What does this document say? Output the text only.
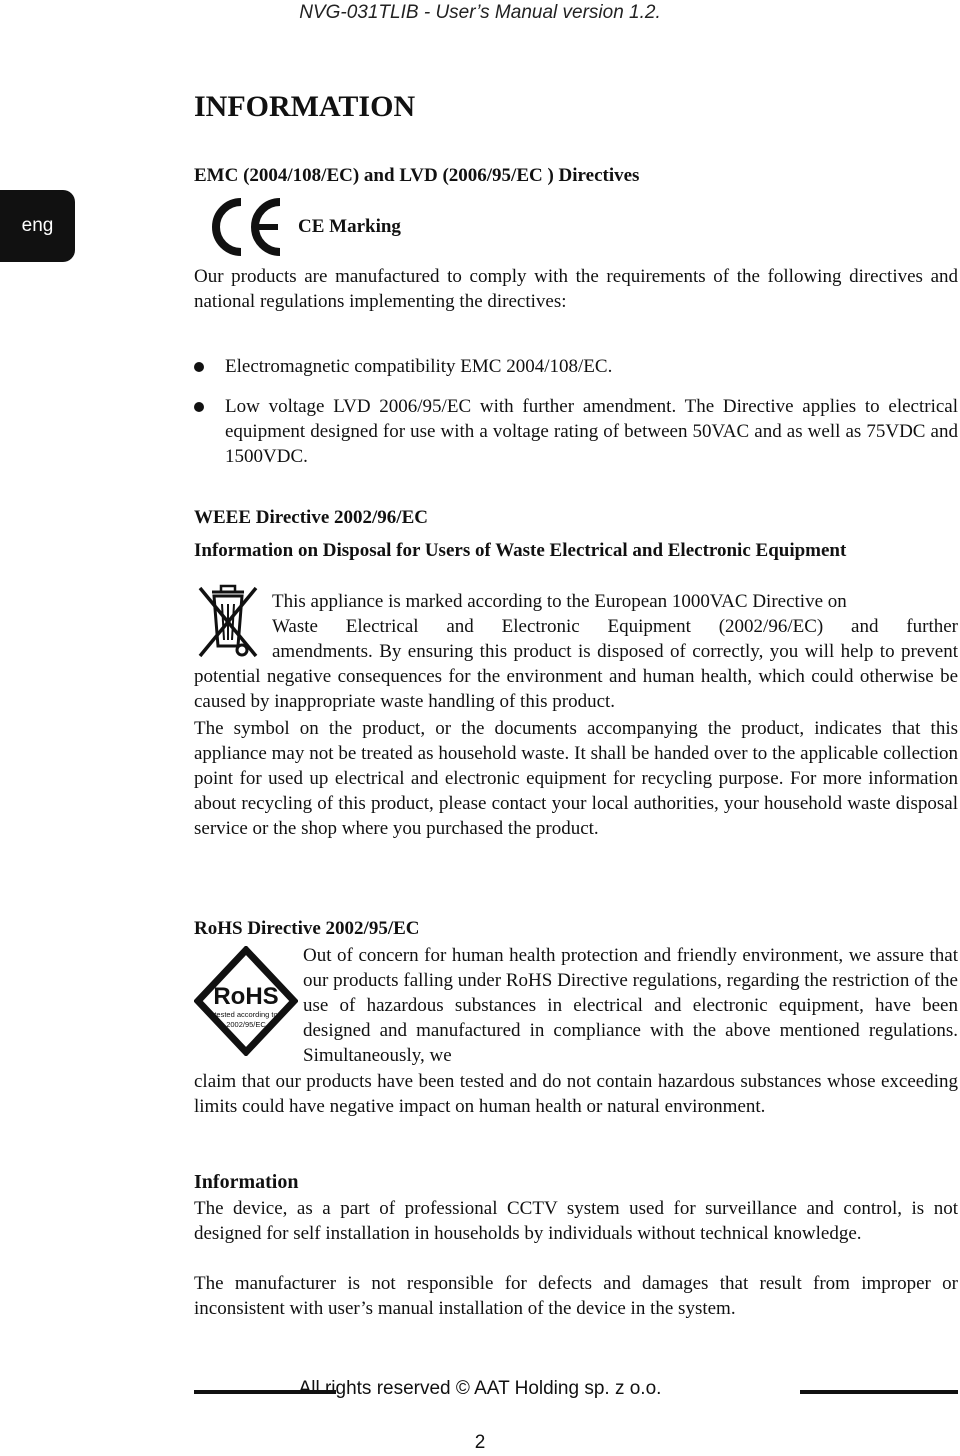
NVG-031TLIB - User’s Manual version 1.2.
eng
INFORMATION
EMC (2004/108/EC) and LVD (2006/95/EC ) Directives
CE Marking
Our products are manufactured to comply with the requirements of the following directives and national regulations implementing the directives:
Electromagnetic compatibility EMC 2004/108/EC.
Low voltage LVD 2006/95/EC with further amendment. The Directive applies to electrical equipment designed for use with a voltage rating of between 50VAC and as well as 75VDC and 1500VDC.
WEEE Directive 2002/96/EC
Information on Disposal for Users of Waste Electrical and Electronic Equipment
This appliance is marked according to the European 1000VAC Directive on
Waste Electrical and Electronic Equipment (2002/96/EC) and further
amendments. By ensuring this product is disposed of correctly, you will help to prevent potential negative consequences for the environment and human health, which could otherwise be caused by inappropriate waste handling of this product.
The symbol on the product, or the documents accompanying the product, indicates that this appliance may not be treated as household waste. It shall be handed over to the applicable collection point for used up electrical and electronic equipment for recycling purpose. For more information about recycling of this product, please contact your local authorities, your household waste disposal service or the shop where you purchased the product.
RoHS Directive 2002/95/EC
RoHS
tested according to
2002/95/EC
Out of concern for human health protection and friendly environment, we assure that our products falling under RoHS Directive regulations, regarding the restriction of the use of hazardous substances in electrical and electronic equipment, have been designed and manufactured in compliance with the above mentioned regulations. Simultaneously, we
claim that our products have been tested and do not contain hazardous substances whose exceeding limits could have negative impact on human health or natural environment.
Information
The device, as a part of professional CCTV system used for surveillance and control, is not designed for self installation in households by individuals without technical knowledge.
The manufacturer is not responsible for defects and damages that result from improper or inconsistent with user’s manual installation of the device in the system.
All rights reserved © AAT Holding sp. z o.o.
2
